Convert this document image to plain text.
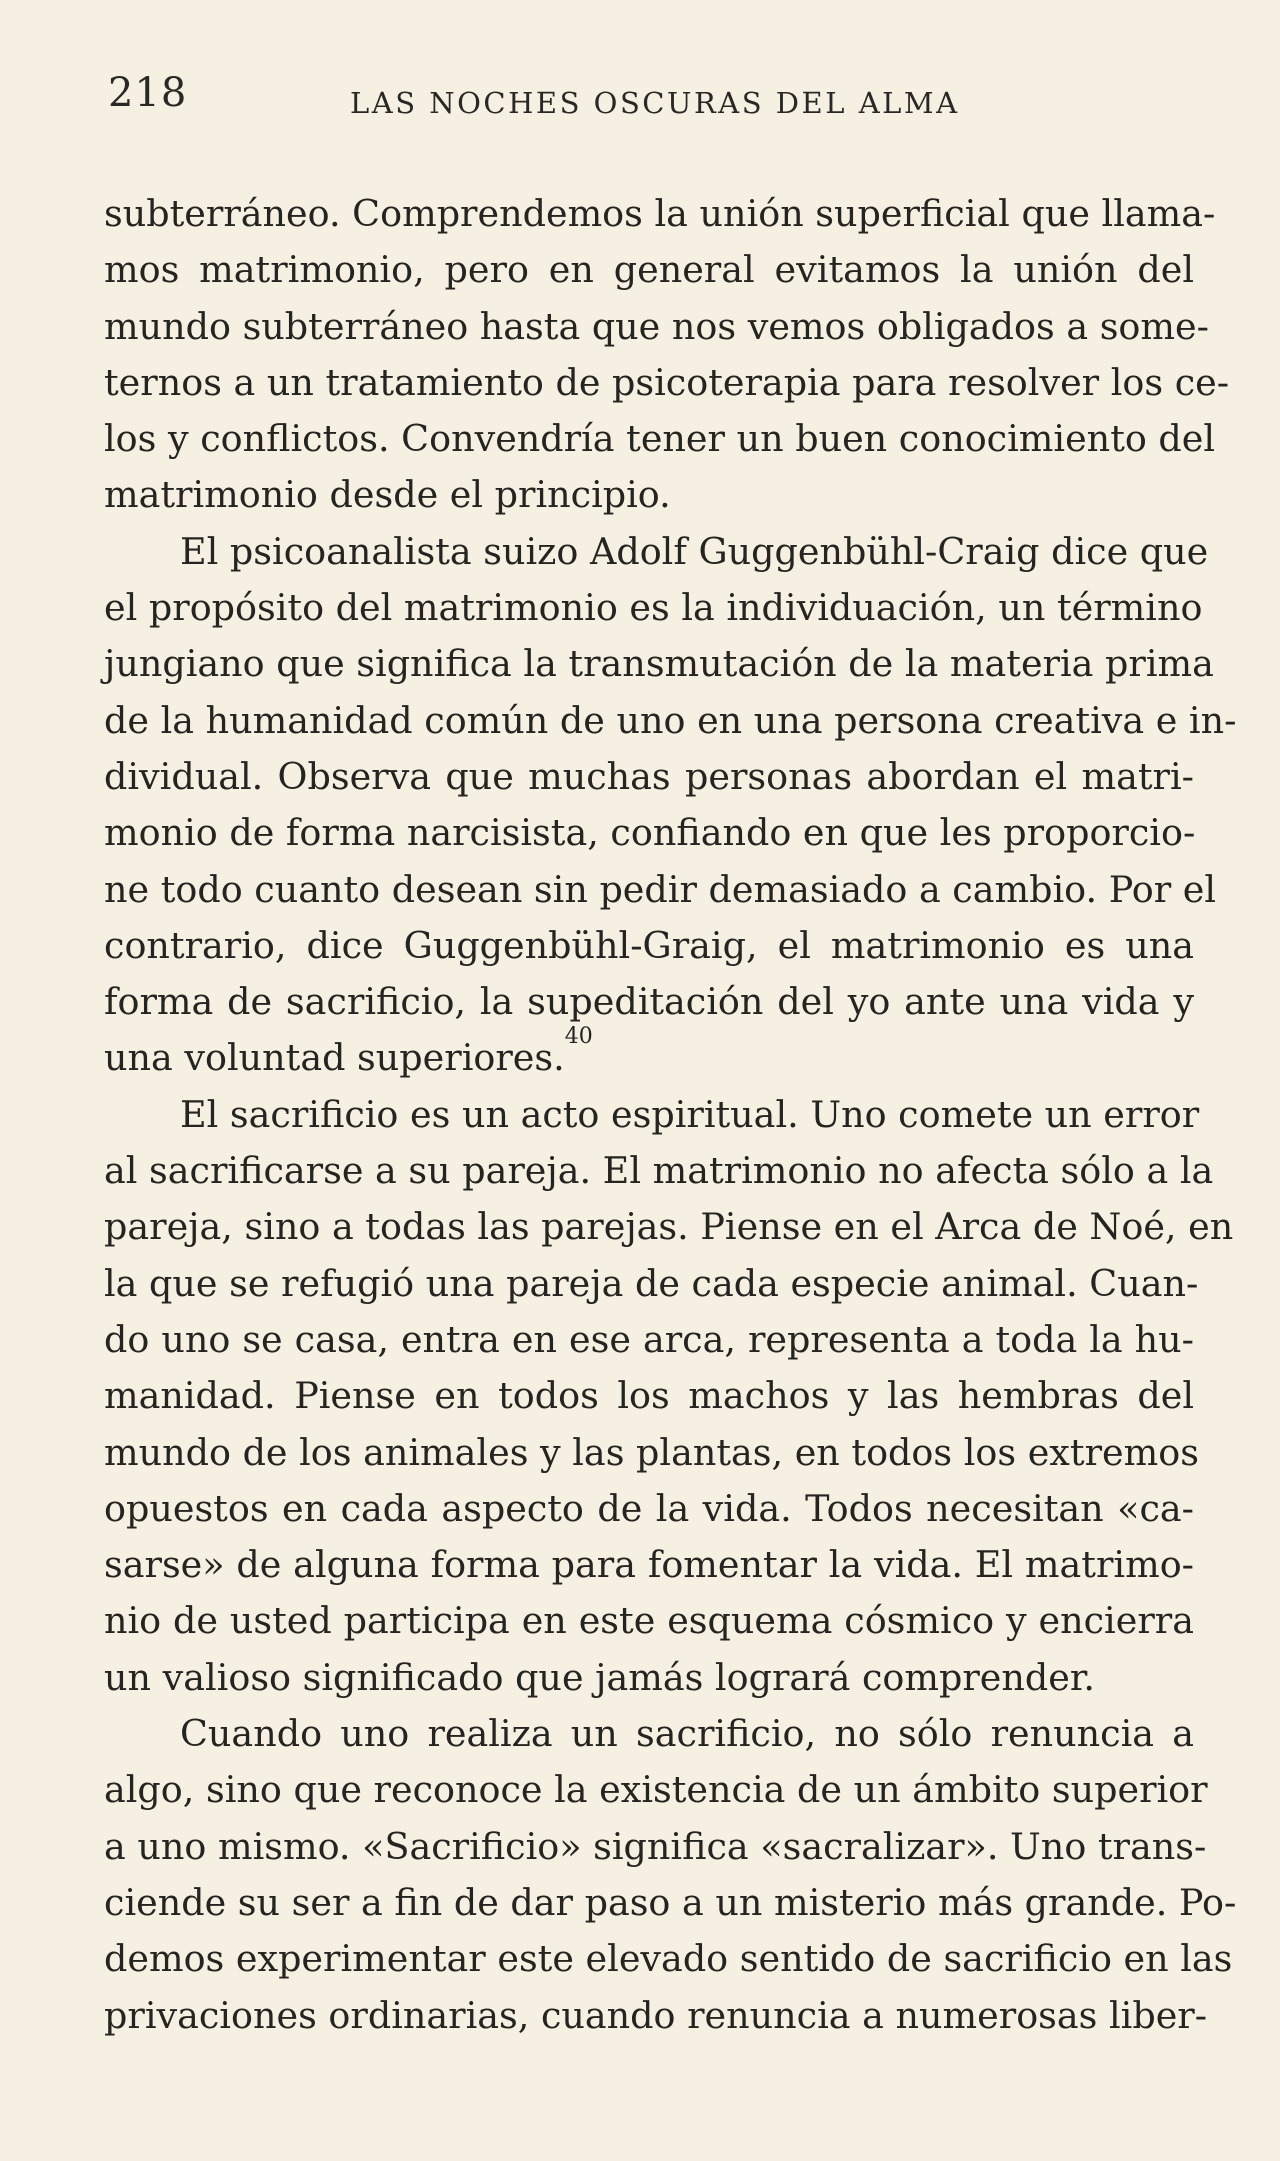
218	LAS NOCHES OSCURAS DEL ALMA
subterráneo. Comprendemos la unión superficial que llama-
mos matrimonio, pero en general evitamos la unión del
mundo subterráneo hasta que nos vemos obligados a some-
ternos a un tratamiento de psicoterapia para resolver los ce-
los y conflictos. Convendría tener un buen conocimiento del
matrimonio desde el principio.
El psicoanalista suizo Adolf Guggenbühl-Craig dice que
el propósito del matrimonio es la individuación, un término
jungiano que significa la transmutación de la materia prima
de la humanidad común de uno en una persona creativa e in-
dividual. Observa que muchas personas abordan el matri-
monio de forma narcisista, confiando en que les proporcio-
ne todo cuanto desean sin pedir demasiado a cambio. Por el
contrario, dice Guggenbühl-Graig, el matrimonio es una
forma de sacrificio, la supeditación del yo ante una vida y
una voluntad superiores.$^{40}$
El sacrificio es un acto espiritual. Uno comete un error
al sacrificarse a su pareja. El matrimonio no afecta sólo a la
pareja, sino a todas las parejas. Piense en el Arca de Noé, en
la que se refugió una pareja de cada especie animal. Cuan-
do uno se casa, entra en ese arca, representa a toda la hu-
manidad. Piense en todos los machos y las hembras del
mundo de los animales y las plantas, en todos los extremos
opuestos en cada aspecto de la vida. Todos necesitan «ca-
sarse» de alguna forma para fomentar la vida. El matrimo-
nio de usted participa en este esquema cósmico y encierra
un valioso significado que jamás logrará comprender.
Cuando uno realiza un sacrificio, no sólo renuncia a
algo, sino que reconoce la existencia de un ámbito superior
a uno mismo. «Sacrificio» significa «sacralizar». Uno trans-
ciende su ser a fin de dar paso a un misterio más grande. Po-
demos experimentar este elevado sentido de sacrificio en las
privaciones ordinarias, cuando renuncia a numerosas liber-
